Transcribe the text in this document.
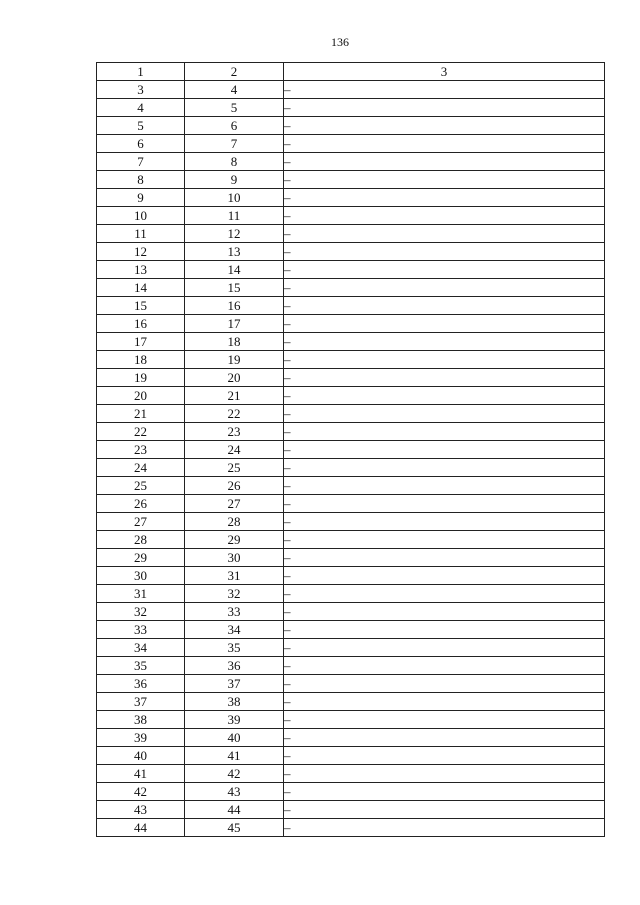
136
1	2	3
3	4	–
4	5	–
5	6	–
6	7	–
7	8	–
8	9	–
9	10	–
10	11	–
11	12	–
12	13	–
13	14	–
14	15	–
15	16	–
16	17	–
17	18	–
18	19	–
19	20	–
20	21	–
21	22	–
22	23	–
23	24	–
24	25	–
25	26	–
26	27	–
27	28	–
28	29	–
29	30	–
30	31	–
31	32	–
32	33	–
33	34	–
34	35	–
35	36	–
36	37	–
37	38	–
38	39	–
39	40	–
40	41	–
41	42	–
42	43	–
43	44	–
44	45	–
